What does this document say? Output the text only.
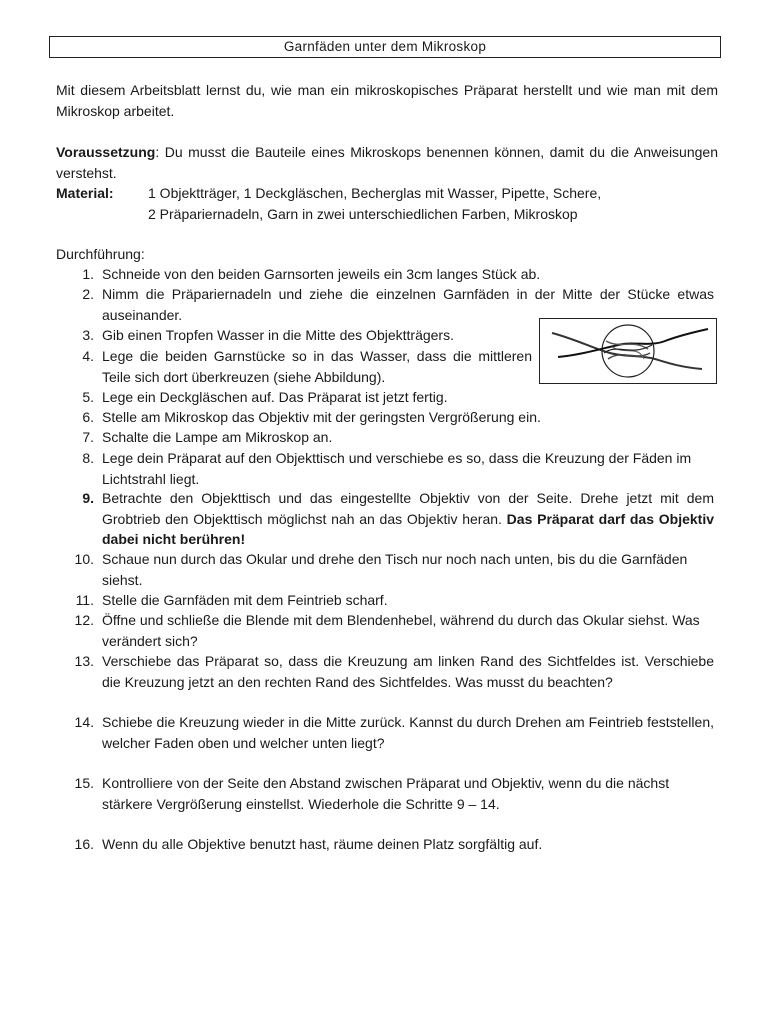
Garnfäden unter dem Mikroskop
Mit diesem Arbeitsblatt lernst du, wie man ein mikroskopisches Präparat herstellt und wie man mit dem Mikroskop arbeitet.
Voraussetzung: Du musst die Bauteile eines Mikroskops benennen können, damit du die Anweisungen verstehst.
Material: 1 Objektträger, 1 Deckgläschen, Becherglas mit Wasser, Pipette, Schere,
2 Präpariernadeln, Garn in zwei unterschiedlichen Farben, Mikroskop
Durchführung:
1. Schneide von den beiden Garnsorten jeweils ein 3cm langes Stück ab.
2. Nimm die Präpariernadeln und ziehe die einzelnen Garnfäden in der Mitte der Stücke etwas auseinander.
3. Gib einen Tropfen Wasser in die Mitte des Objektträgers.
4. Lege die beiden Garnstücke so in das Wasser, dass die mittleren Teile sich dort überkreuzen (siehe Abbildung).
5. Lege ein Deckgläschen auf. Das Präparat ist jetzt fertig.
6. Stelle am Mikroskop das Objektiv mit der geringsten Vergrößerung ein.
7. Schalte die Lampe am Mikroskop an.
8. Lege dein Präparat auf den Objekttisch und verschiebe es so, dass die Kreuzung der Fäden im Lichtstrahl liegt.
9. Betrachte den Objekttisch und das eingestellte Objektiv von der Seite. Drehe jetzt mit dem Grobtrieb den Objekttisch möglichst nah an das Objektiv heran. Das Präparat darf das Objektiv dabei nicht berühren!
10. Schaue nun durch das Okular und drehe den Tisch nur noch nach unten, bis du die Garnfäden siehst.
11. Stelle die Garnfäden mit dem Feintrieb scharf.
12. Öffne und schließe die Blende mit dem Blendenhebel, während du durch das Okular siehst. Was verändert sich?
13. Verschiebe das Präparat so, dass die Kreuzung am linken Rand des Sichtfeldes ist. Verschiebe die Kreuzung jetzt an den rechten Rand des Sichtfeldes. Was musst du beachten?
14. Schiebe die Kreuzung wieder in die Mitte zurück. Kannst du durch Drehen am Feintrieb feststellen, welcher Faden oben und welcher unten liegt?
15. Kontrolliere von der Seite den Abstand zwischen Präparat und Objektiv, wenn du die nächst stärkere Vergrößerung einstellst. Wiederhole die Schritte 9 – 14.
16. Wenn du alle Objektive benutzt hast, räume deinen Platz sorgfältig auf.
